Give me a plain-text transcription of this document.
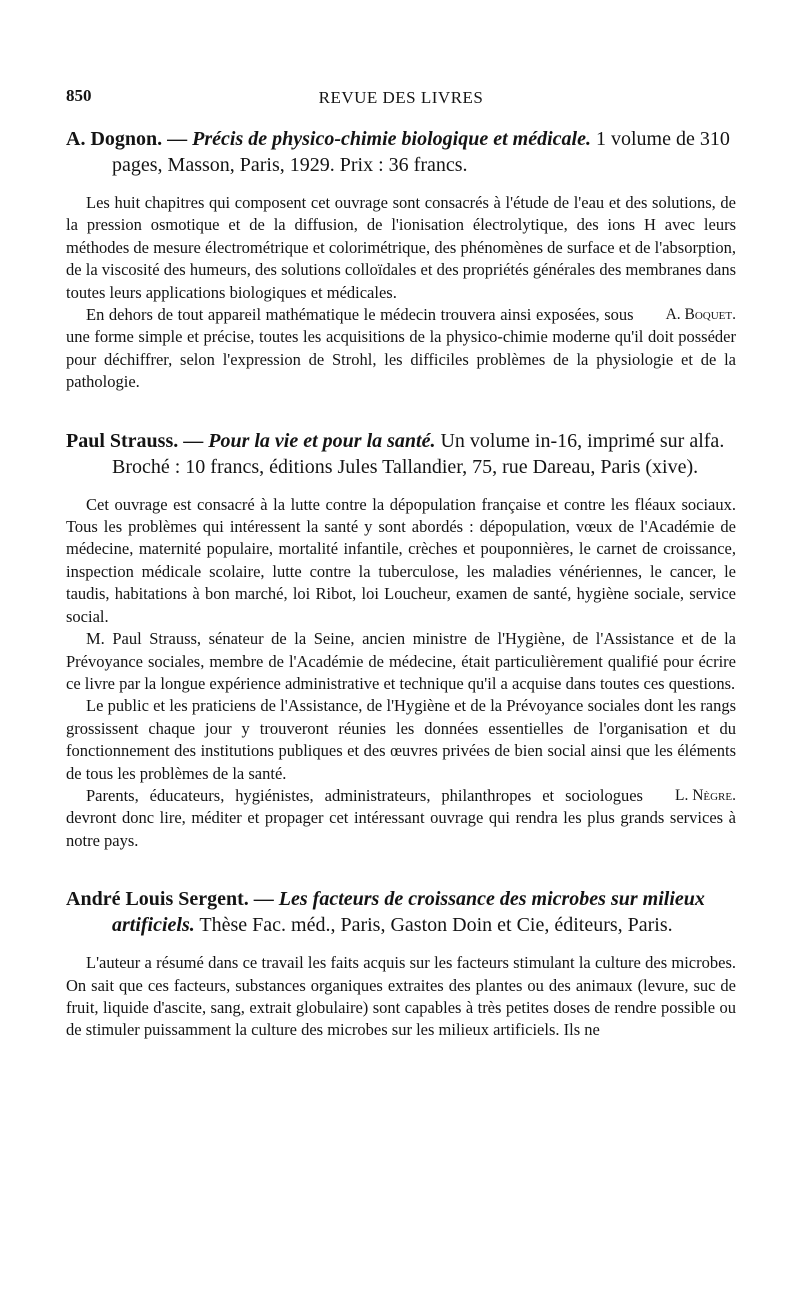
850	REVUE DES LIVRES

A. Dognon. — Précis de physico-chimie biologique et médicale. 1 volume de 310 pages, Masson, Paris, 1929. Prix : 36 francs.

Les huit chapitres qui composent cet ouvrage sont consacrés à l'étude de l'eau et des solutions, de la pression osmotique et de la diffusion, de l'ionisation électrolytique, des ions H avec leurs méthodes de mesure électrométrique et colorimétrique, des phénomènes de surface et de l'absorption, de la viscosité des humeurs, des solutions colloïdales et des propriétés générales des membranes dans toutes leurs applications biologiques et médicales.

A. Boquet.
En dehors de tout appareil mathématique le médecin trouvera ainsi exposées, sous une forme simple et précise, toutes les acquisitions de la physico-chimie moderne qu'il doit posséder pour déchiffrer, selon l'expression de Strohl, les difficiles problèmes de la physiologie et de la pathologie.

Paul Strauss. — Pour la vie et pour la santé. Un volume in-16, imprimé sur alfa. Broché : 10 francs, éditions Jules Tallandier, 75, rue Dareau, Paris (xive).

Cet ouvrage est consacré à la lutte contre la dépopulation française et contre les fléaux sociaux. Tous les problèmes qui intéressent la santé y sont abordés : dépopulation, vœux de l'Académie de médecine, maternité populaire, mortalité infantile, crèches et pouponnières, le carnet de croissance, inspection médicale scolaire, lutte contre la tuberculose, les maladies vénériennes, le cancer, le taudis, habitations à bon marché, loi Ribot, loi Loucheur, examen de santé, hygiène sociale, service social.

M. Paul Strauss, sénateur de la Seine, ancien ministre de l'Hygiène, de l'Assistance et de la Prévoyance sociales, membre de l'Académie de médecine, était particulièrement qualifié pour écrire ce livre par la longue expérience administrative et technique qu'il a acquise dans toutes ces questions.

Le public et les praticiens de l'Assistance, de l'Hygiène et de la Prévoyance sociales dont les rangs grossissent chaque jour y trouveront réunies les données essentielles de l'organisation et du fonctionnement des institutions publiques et des œuvres privées de bien social ainsi que les éléments de tous les problèmes de la santé.

L. Nègre.
Parents, éducateurs, hygiénistes, administrateurs, philanthropes et sociologues devront donc lire, méditer et propager cet intéressant ouvrage qui rendra les plus grands services à notre pays.

André Louis Sergent. — Les facteurs de croissance des microbes sur milieux artificiels. Thèse Fac. méd., Paris, Gaston Doin et Cie, éditeurs, Paris.

L'auteur a résumé dans ce travail les faits acquis sur les facteurs stimulant la culture des microbes. On sait que ces facteurs, substances organiques extraites des plantes ou des animaux (levure, suc de fruit, liquide d'ascite, sang, extrait globulaire) sont capables à très petites doses de rendre possible ou de stimuler puissamment la culture des microbes sur les milieux artificiels. Ils ne
